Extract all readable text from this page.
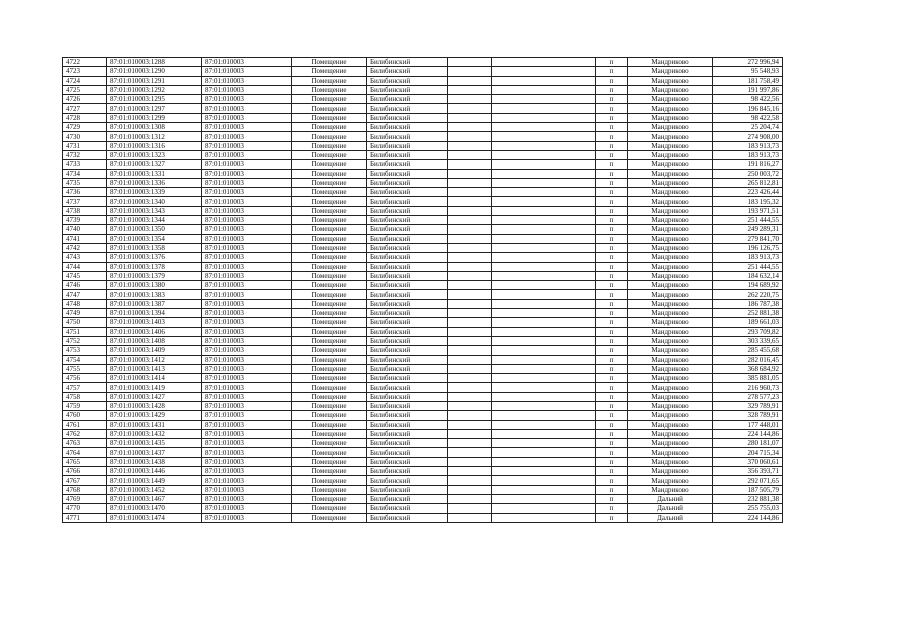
4722	87:01:010003:1288	87:01:010003	Помещение	Билибинский			п	Мандриково	272 996,94
4723	87:01:010003:1290	87:01:010003	Помещение	Билибинский			п	Мандриково	95 548,93
4724	87:01:010003:1291	87:01:010003	Помещение	Билибинский			п	Мандриково	181 758,49
4725	87:01:010003:1292	87:01:010003	Помещение	Билибинский			п	Мандриково	191 997,86
4726	87:01:010003:1295	87:01:010003	Помещение	Билибинский			п	Мандриково	98 422,56
4727	87:01:010003:1297	87:01:010003	Помещение	Билибинский			п	Мандриково	196 845,16
4728	87:01:010003:1299	87:01:010003	Помещение	Билибинский			п	Мандриково	98 422,58
4729	87:01:010003:1308	87:01:010003	Помещение	Билибинский			п	Мандриково	25 204,74
4730	87:01:010003:1312	87:01:010003	Помещение	Билибинский			п	Мандриково	274 908,00
4731	87:01:010003:1316	87:01:010003	Помещение	Билибинский			п	Мандриково	183 913,73
4732	87:01:010003:1323	87:01:010003	Помещение	Билибинский			п	Мандриково	183 913,73
4733	87:01:010003:1327	87:01:010003	Помещение	Билибинский			п	Мандриково	191 816,27
4734	87:01:010003:1331	87:01:010003	Помещение	Билибинский			п	Мандриково	250 003,72
4735	87:01:010003:1336	87:01:010003	Помещение	Билибинский			п	Мандриково	265 812,81
4736	87:01:010003:1339	87:01:010003	Помещение	Билибинский			п	Мандриково	223 426,44
4737	87:01:010003:1340	87:01:010003	Помещение	Билибинский			п	Мандриково	183 195,32
4738	87:01:010003:1343	87:01:010003	Помещение	Билибинский			п	Мандриково	193 971,51
4739	87:01:010003:1344	87:01:010003	Помещение	Билибинский			п	Мандриково	251 444,55
4740	87:01:010003:1350	87:01:010003	Помещение	Билибинский			п	Мандриково	249 289,31
4741	87:01:010003:1354	87:01:010003	Помещение	Билибинский			п	Мандриково	279 841,70
4742	87:01:010003:1358	87:01:010003	Помещение	Билибинский			п	Мандриково	196 126,75
4743	87:01:010003:1376	87:01:010003	Помещение	Билибинский			п	Мандриково	183 913,73
4744	87:01:010003:1378	87:01:010003	Помещение	Билибинский			п	Мандриково	251 444,55
4745	87:01:010003:1379	87:01:010003	Помещение	Билибинский			п	Мандриково	184 632,14
4746	87:01:010003:1380	87:01:010003	Помещение	Билибинский			п	Мандриково	194 689,92
4747	87:01:010003:1383	87:01:010003	Помещение	Билибинский			п	Мандриково	262 220,75
4748	87:01:010003:1387	87:01:010003	Помещение	Билибинский			п	Мандриково	186 787,38
4749	87:01:010003:1394	87:01:010003	Помещение	Билибинский			п	Мандриково	252 881,38
4750	87:01:010003:1403	87:01:010003	Помещение	Билибинский			п	Мандриково	189 661,03
4751	87:01:010003:1406	87:01:010003	Помещение	Билибинский			п	Мандриково	293 709,82
4752	87:01:010003:1408	87:01:010003	Помещение	Билибинский			п	Мандриково	303 339,65
4753	87:01:010003:1409	87:01:010003	Помещение	Билибинский			п	Мандриково	285 455,68
4754	87:01:010003:1412	87:01:010003	Помещение	Билибинский			п	Мандриково	282 016,45
4755	87:01:010003:1413	87:01:010003	Помещение	Билибинский			п	Мандриково	368 684,92
4756	87:01:010003:1414	87:01:010003	Помещение	Билибинский			п	Мандриково	385 881,05
4757	87:01:010003:1419	87:01:010003	Помещение	Билибинский			п	Мандриково	216 960,73
4758	87:01:010003:1427	87:01:010003	Помещение	Билибинский			п	Мандриково	278 577,23
4759	87:01:010003:1428	87:01:010003	Помещение	Билибинский			п	Мандриково	329 789,91
4760	87:01:010003:1429	87:01:010003	Помещение	Билибинский			п	Мандриково	328 789,91
4761	87:01:010003:1431	87:01:010003	Помещение	Билибинский			п	Мандриково	177 448,01
4762	87:01:010003:1432	87:01:010003	Помещение	Билибинский			п	Мандриково	224 144,86
4763	87:01:010003:1435	87:01:010003	Помещение	Билибинский			п	Мандриково	280 181,07
4764	87:01:010003:1437	87:01:010003	Помещение	Билибинский			п	Мандриково	204 715,34
4765	87:01:010003:1438	87:01:010003	Помещение	Билибинский			п	Мандриково	370 060,61
4766	87:01:010003:1446	87:01:010003	Помещение	Билибинский			п	Мандриково	356 393,71
4767	87:01:010003:1449	87:01:010003	Помещение	Билибинский			п	Мандриково	292 071,65
4768	87:01:010003:1452	87:01:010003	Помещение	Билибинский			п	Мандриково	187 505,79
4769	87:01:010003:1467	87:01:010003	Помещение	Билибинский			п	Дальний	232 881,38
4770	87:01:010003:1470	87:01:010003	Помещение	Билибинский			п	Дальний	255 755,03
4771	87:01:010003:1474	87:01:010003	Помещение	Билибинский			п	Дальний	224 144,86
